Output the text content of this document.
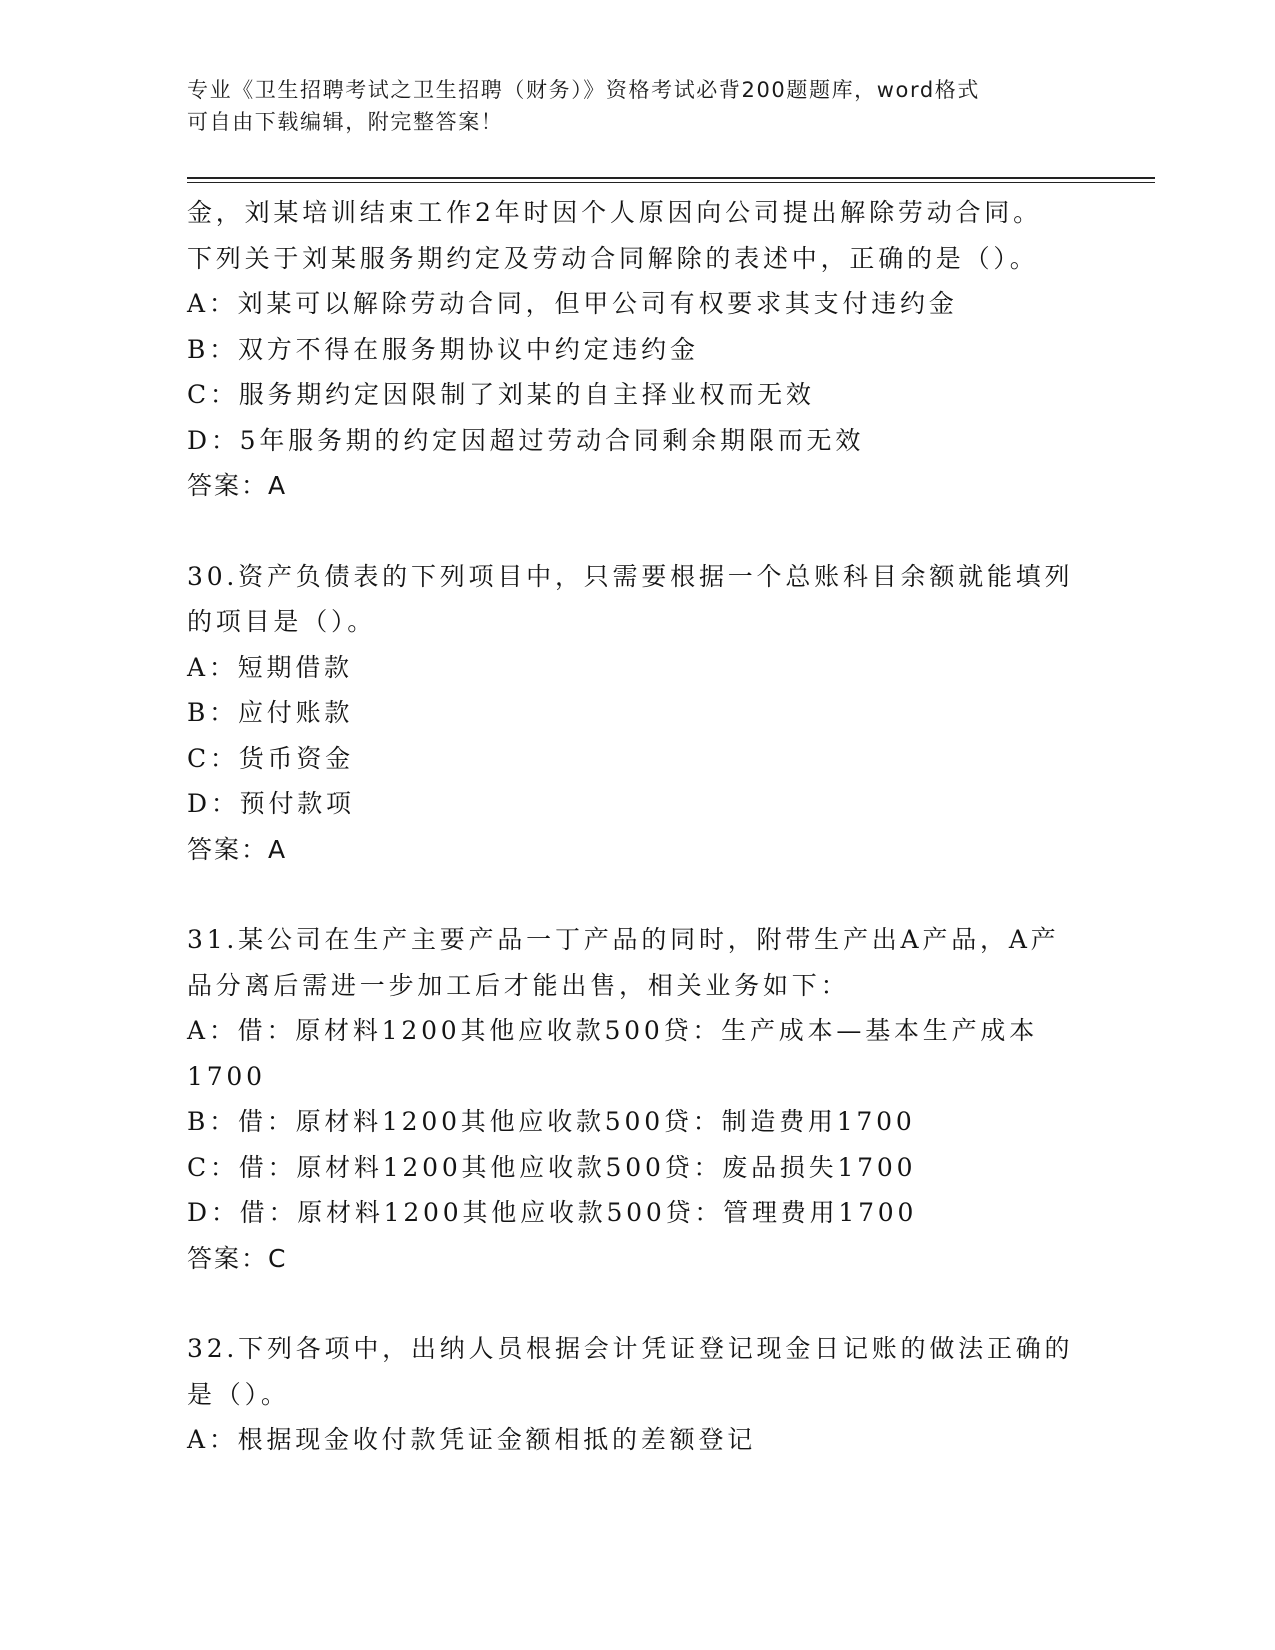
专业《卫生招聘考试之卫生招聘（财务）》资格考试必背200题题库，word格式
可自由下载编辑，附完整答案！
金，刘某培训结束工作2年时因个人原因向公司提出解除劳动合同。
下列关于刘某服务期约定及劳动合同解除的表述中，正确的是（）。
A：刘某可以解除劳动合同，但甲公司有权要求其支付违约金
B：双方不得在服务期协议中约定违约金
C：服务期约定因限制了刘某的自主择业权而无效
D：5年服务期的约定因超过劳动合同剩余期限而无效
答案：A
30.资产负债表的下列项目中，只需要根据一个总账科目余额就能填列
的项目是（）。
A：短期借款
B：应付账款
C：货币资金
D：预付款项
答案：A
31.某公司在生产主要产品一丁产品的同时，附带生产出A产品，A产
品分离后需进一步加工后才能出售，相关业务如下：
A：借：原材料1200其他应收款500贷：生产成本—基本生产成本
1700
B：借：原材料1200其他应收款500贷：制造费用1700
C：借：原材料1200其他应收款500贷：废品损失1700
D：借：原材料1200其他应收款500贷：管理费用1700
答案：C
32.下列各项中，出纳人员根据会计凭证登记现金日记账的做法正确的
是（）。
A：根据现金收付款凭证金额相抵的差额登记
